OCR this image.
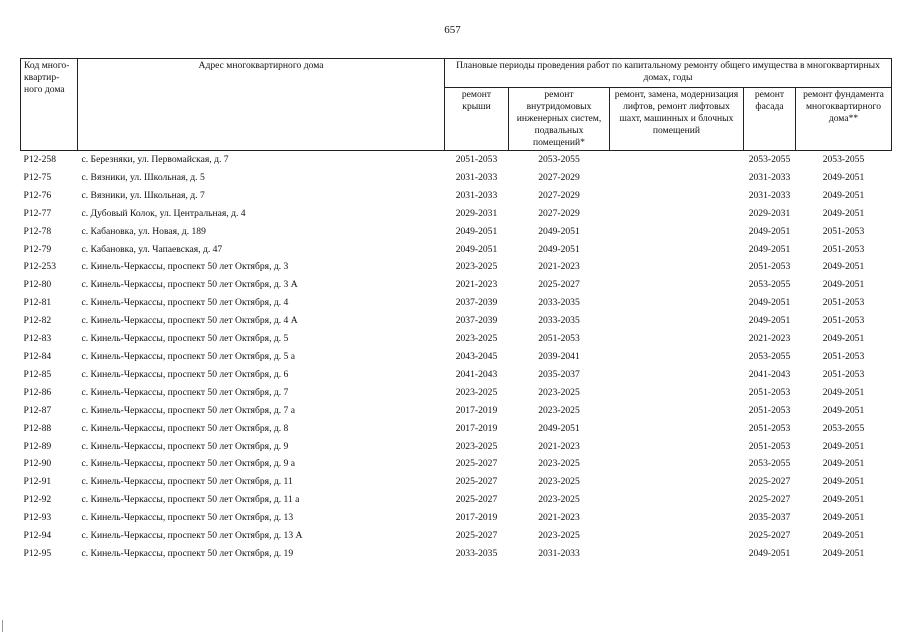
657
Код много-квартир-ного дома	Адрес многоквартирного дома	Плановые периоды проведения работ по капитальному ремонту общего имущества в многоквартирных домах, годы				
		ремонт крыши	ремонт внутридомовых инженерных систем, подвальных помещений*	ремонт, замена, модернизация лифтов, ремонт лифтовых шахт, машинных и блочных помещений	ремонт фасада	ремонт фундамента многоквартирного дома**
P12-258	с. Березняки, ул. Первомайская, д. 7	2051-2053	2053-2055		2053-2055	2053-2055
P12-75	с. Вязники, ул. Школьная, д. 5	2031-2033	2027-2029		2031-2033	2049-2051
P12-76	с. Вязники, ул. Школьная, д. 7	2031-2033	2027-2029		2031-2033	2049-2051
P12-77	с. Дубовый Колок, ул. Центральная, д. 4	2029-2031	2027-2029		2029-2031	2049-2051
P12-78	с. Кабановка, ул. Новая, д. 189	2049-2051	2049-2051		2049-2051	2051-2053
P12-79	с. Кабановка, ул. Чапаевская, д. 47	2049-2051	2049-2051		2049-2051	2051-2053
P12-253	с. Кинель-Черкассы, проспект 50 лет Октября, д. 3	2023-2025	2021-2023		2051-2053	2049-2051
P12-80	с. Кинель-Черкассы, проспект 50 лет Октября, д. 3 А	2021-2023	2025-2027		2053-2055	2049-2051
P12-81	с. Кинель-Черкассы, проспект 50 лет Октября, д. 4	2037-2039	2033-2035		2049-2051	2051-2053
P12-82	с. Кинель-Черкассы, проспект 50 лет Октября, д. 4 А	2037-2039	2033-2035		2049-2051	2051-2053
P12-83	с. Кинель-Черкассы, проспект 50 лет Октября, д. 5	2023-2025	2051-2053		2021-2023	2049-2051
P12-84	с. Кинель-Черкассы, проспект 50 лет Октября, д. 5 а	2043-2045	2039-2041		2053-2055	2051-2053
P12-85	с. Кинель-Черкассы, проспект 50 лет Октября, д. 6	2041-2043	2035-2037		2041-2043	2051-2053
P12-86	с. Кинель-Черкассы, проспект 50 лет Октября, д. 7	2023-2025	2023-2025		2051-2053	2049-2051
P12-87	с. Кинель-Черкассы, проспект 50 лет Октября, д. 7 а	2017-2019	2023-2025		2051-2053	2049-2051
P12-88	с. Кинель-Черкассы, проспект 50 лет Октября, д. 8	2017-2019	2049-2051		2051-2053	2053-2055
P12-89	с. Кинель-Черкассы, проспект 50 лет Октября, д. 9	2023-2025	2021-2023		2051-2053	2049-2051
P12-90	с. Кинель-Черкассы, проспект 50 лет Октября, д. 9 а	2025-2027	2023-2025		2053-2055	2049-2051
P12-91	с. Кинель-Черкассы, проспект 50 лет Октября, д. 11	2025-2027	2023-2025		2025-2027	2049-2051
P12-92	с. Кинель-Черкассы, проспект 50 лет Октября, д. 11 а	2025-2027	2023-2025		2025-2027	2049-2051
P12-93	с. Кинель-Черкассы, проспект 50 лет Октября, д. 13	2017-2019	2021-2023		2035-2037	2049-2051
P12-94	с. Кинель-Черкассы, проспект 50 лет Октября, д. 13 А	2025-2027	2023-2025		2025-2027	2049-2051
P12-95	с. Кинель-Черкассы, проспект 50 лет Октября, д. 19	2033-2035	2031-2033		2049-2051	2049-2051
